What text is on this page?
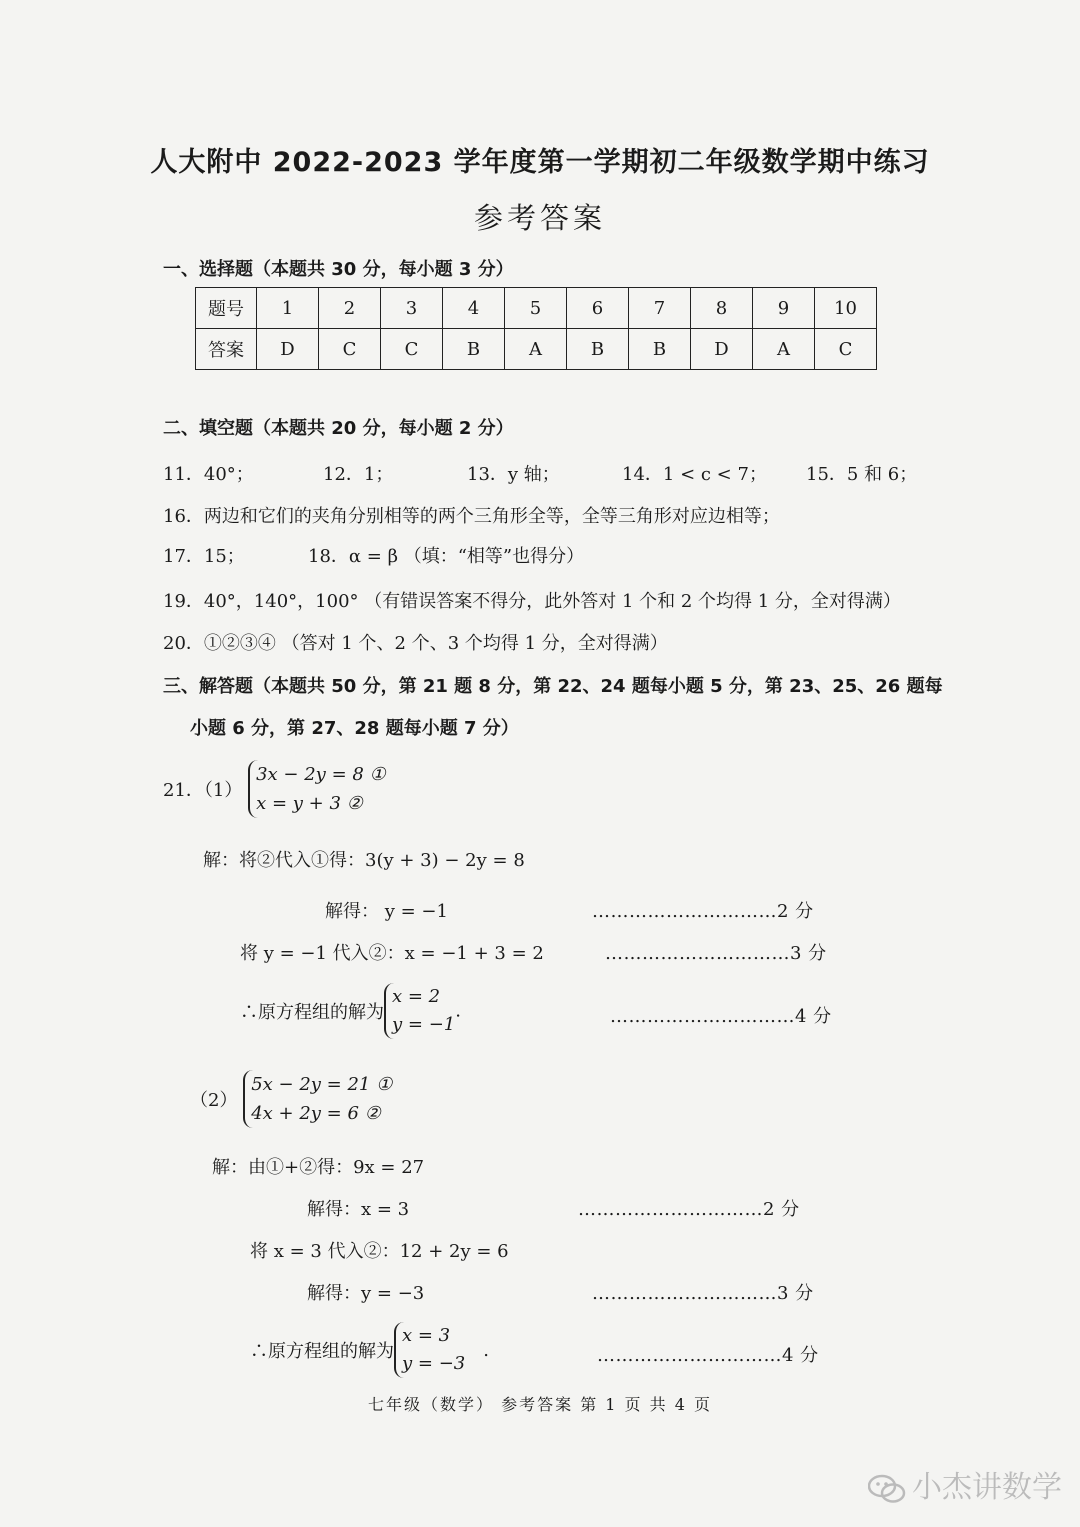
人大附中 2022-2023 学年度第一学期初二年级数学期中练习
参考答案
一、选择题（本题共 30 分，每小题 3 分）
题号	1	2	3	4	5	6	7	8	9	10
答案	D	C	C	B	A	B	B	D	A	C
二、填空题（本题共 20 分，每小题 2 分）
11．40°；	12．1；	13．y 轴；	14．1 < c < 7； 15．5 和 6；
16．两边和它们的夹角分别相等的两个三角形全等，全等三角形对应边相等；
17．15；	18．α = β （填：“相等”也得分）
19．40°，140°，100° （有错误答案不得分，此外答对 1 个和 2 个均得 1 分，全对得满）
20．①②③④ （答对 1 个、2 个、3 个均得 1 分，全对得满）
三、解答题（本题共 50 分，第 21 题 8 分，第 22、24 题每小题 5 分，第 23、25、26 题每
小题 6 分，第 27、28 题每小题 7 分）
21．（1）
3x − 2y = 8 ①
x = y + 3 ②
解：将②代入①得：3(y + 3) − 2y = 8
解得： y = −1	…………………………2 分
将 y = −1 代入②：x = −1 + 3 = 2	…………………………3 分
∴原方程组的解为
x = 2
y = −1
.	…………………………4 分
（2）
5x − 2y = 21 ①
4x + 2y = 6 ②
解：由①+②得：9x = 27
解得：x = 3	…………………………2 分
将 x = 3 代入②：12 + 2y = 6
解得：y = −3	…………………………3 分
∴原方程组的解为
x = 3
y = −3
.	…………………………4 分
七年级（数学） 参考答案 第 1 页 共 4 页
小杰讲数学
